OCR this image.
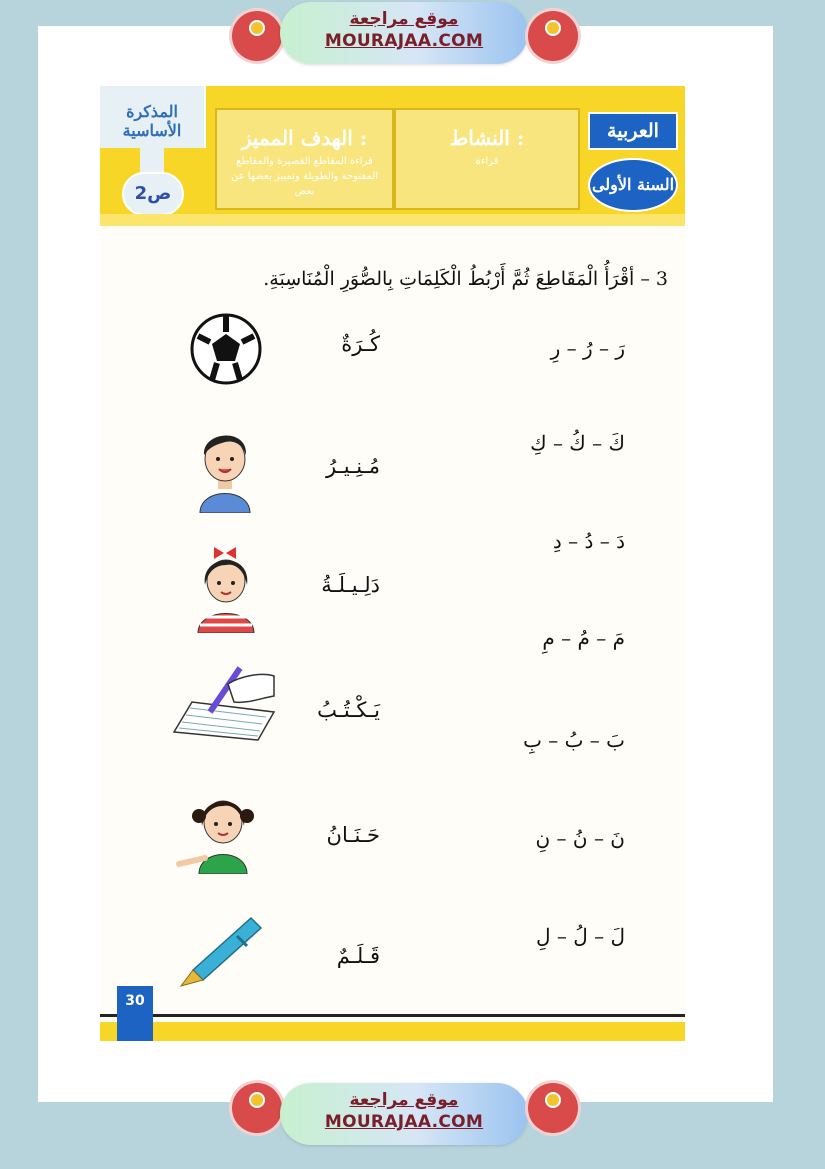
موقع مراجعة
MOURAJAA.COM
موقع مراجعة
MOURAJAA.COM
المذكرة الأساسية
2ص
الهدف المميز :
قراءة المقاطع القصيرة والمقاطع المفتوحة والطويلة وتمييز بعضها عن بعض
النشاط :
قراءة
العربية
السنة الأولى
3 – أقْرَأُ الْمَقَاطِعَ ثُمَّ أَرْبُطُ الْكَلِمَاتِ بِالصُّوَرِ الْمُنَاسِبَةِ.
رَ – رُ – رِ
كَ – كُ – كِ
دَ – دُ – دِ
مَ – مُ – مِ
بَ – بُ – بِ
نَ – نُ – نِ
لَ – لُ – لِ
كُـرَةٌ
مُـنِـيـرُ
دَلِـيـلَـةُ
يَـكْـتُـبُ
حَـنَـانُ
قَـلَـمٌ
30
